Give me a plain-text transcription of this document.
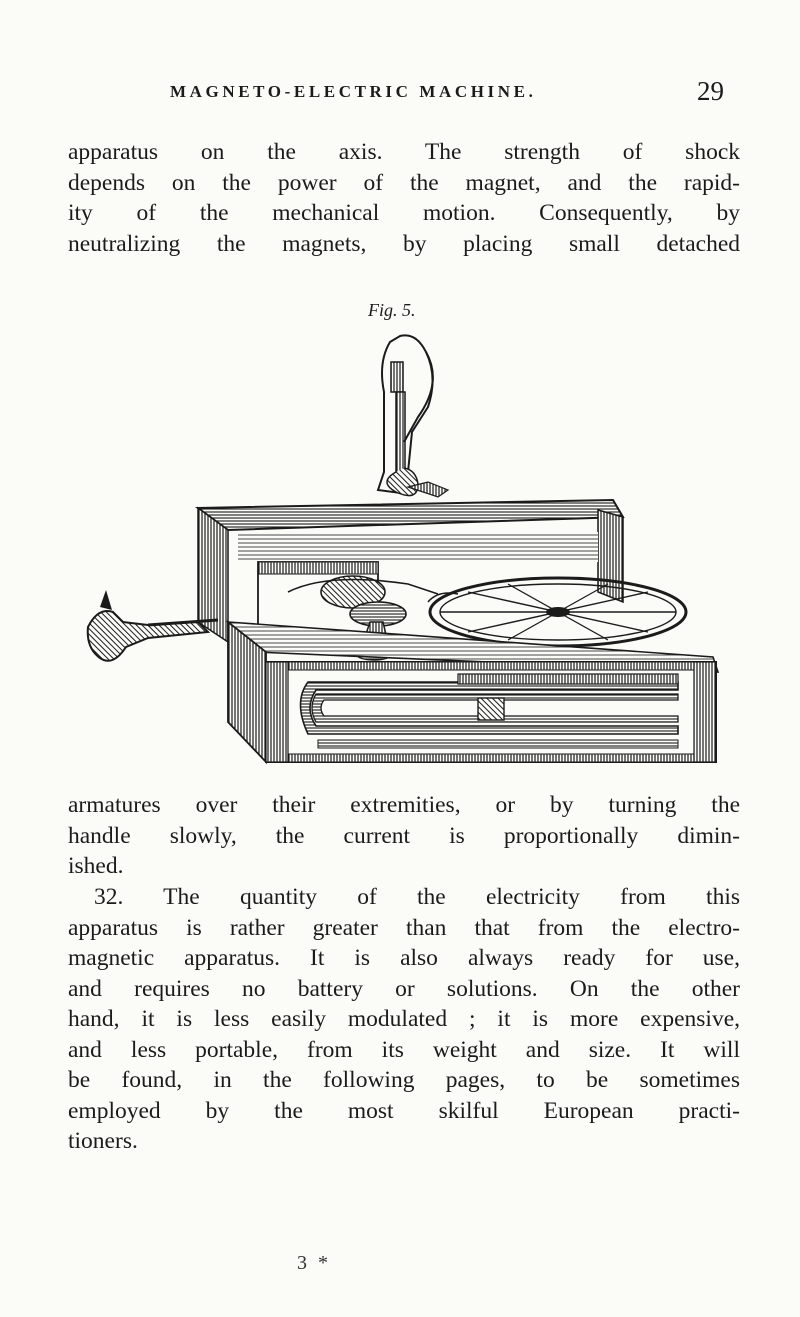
MAGNETO-ELECTRIC MACHINE.	29
apparatus on the axis. The strength of shock
depends on the power of the magnet, and the rapid-
ity of the mechanical motion. Consequently, by
neutralizing the magnets, by placing small detached
Fig. 5.
armatures over their extremities, or by turning the
handle slowly, the current is proportionally dimin-
ished.
32. The quantity of the electricity from this
apparatus is rather greater than that from the electro-
magnetic apparatus. It is also always ready for use,
and requires no battery or solutions. On the other
hand, it is less easily modulated ; it is more expensive,
and less portable, from its weight and size. It will
be found, in the following pages, to be sometimes
employed by the most skilful European practi-
tioners.
3 *
